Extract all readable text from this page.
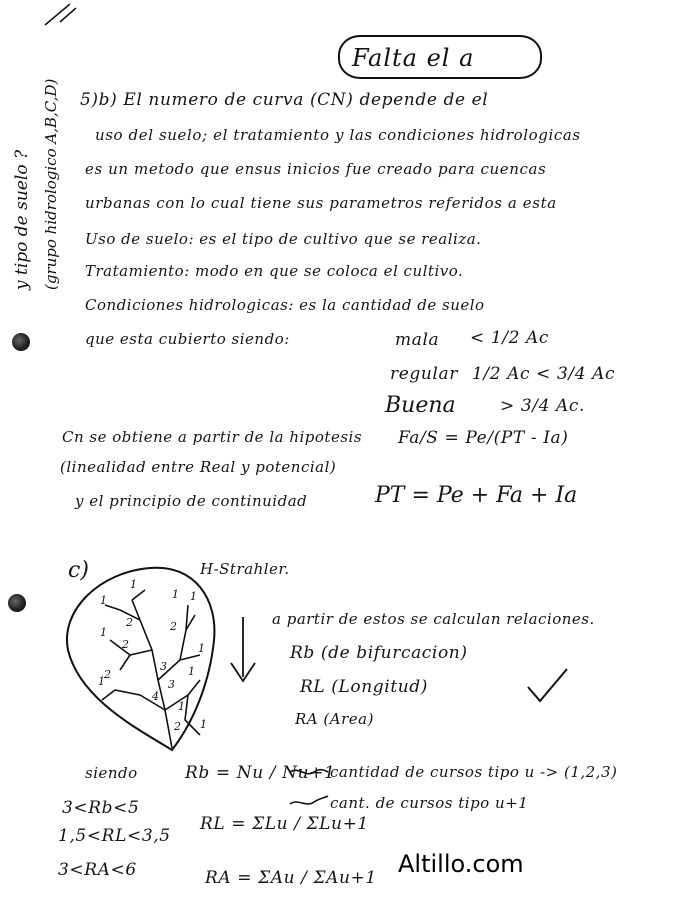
Falta el a
y tipo de suelo ? (grupo hidrologico A,B,C,D) 5)b) El numero de curva (CN) depende de el
uso del suelo; el tratamiento y las condiciones hidrologicas
es un metodo que ensus inicios fue creado para cuencas
urbanas con lo cual tiene sus parametros referidos a esta
Uso de suelo: es el tipo de cultivo que se realiza.
Tratamiento: modo en que se coloca el cultivo.
Condiciones hidrologicas: es la cantidad de suelo
que esta cubierto siendo:	mala < 1/2 Ac
regular 1/2 Ac < 3/4 Ac
Buena	> 3/4 Ac.
Cn se obtiene a partir de la hipotesis Fa/S = Pe/(PT - Ia)
(linealidad entre Real y potencial)
y el principio de continuidad	PT = Pe + Fa + Ia
c)	H-Strahler.
1
1
1 1
2	2
2
1
1
3
1
1
3
2
4
1
2 1
a partir de estos se calculan relaciones.
Rb (de bifurcacion)
RL (Longitud)
RA (Area)
siendo	Rb = Nu / Nu+1
cantidad de cursos tipo u -> (1,2,3)
cant. de cursos tipo u+1
RL = ΣLu / ΣLu+1
RA = ΣAu / ΣAu+1
3<Rb<5
1,5<RL<3,5
3<RA<6	Altillo.com
